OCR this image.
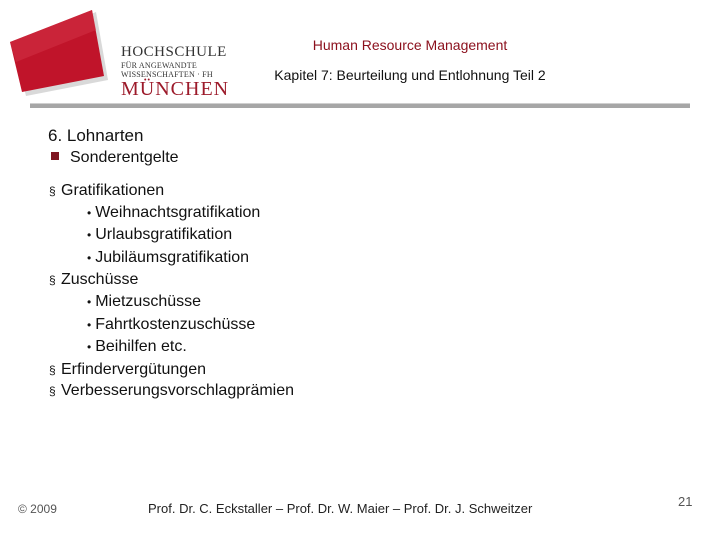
HOCHSCHULE
FÜR ANGEWANDTE
WISSENSCHAFTEN · FH
MÜNCHEN
Human Resource Management
Kapitel 7: Beurteilung und Entlohnung Teil 2
6. Lohnarten
Sonderentgelte
§ Gratifikationen
• Weihnachtsgratifikation
• Urlaubsgratifikation
• Jubiläumsgratifikation
§ Zuschüsse
• Mietzuschüsse
• Fahrtkostenzuschüsse
• Beihilfen etc.
§ Erfindervergütungen
§ Verbesserungsvorschlagprämien
© 2009	Prof. Dr. C. Eckstaller – Prof. Dr. W. Maier – Prof. Dr. J. Schweitzer	21
